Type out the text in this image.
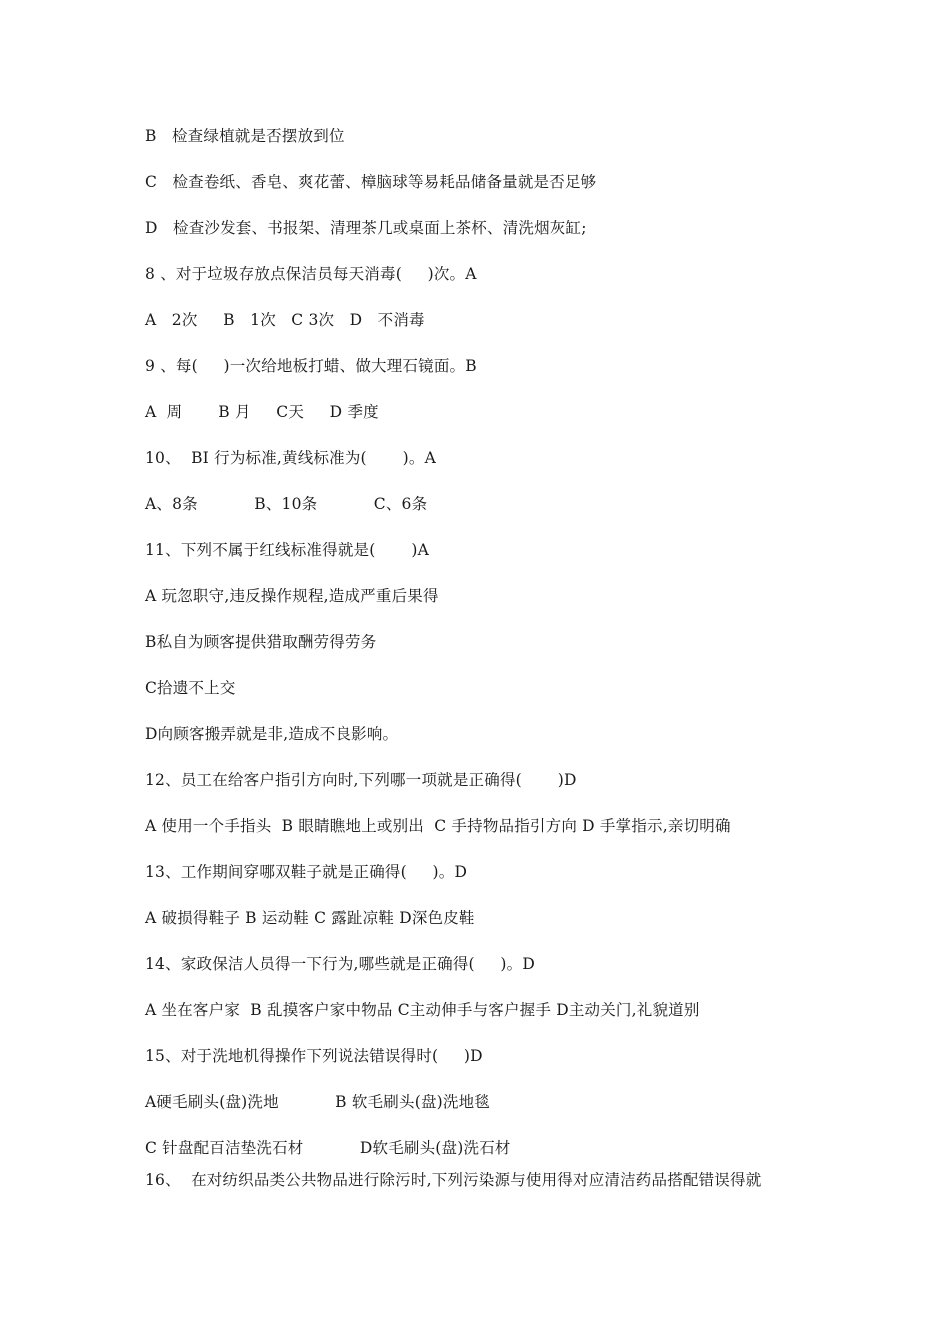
B   检查绿植就是否摆放到位

C   检查卷纸、香皂、爽花蕾、樟脑球等易耗品储备量就是否足够

D   检查沙发套、书报架、清理茶几或桌面上茶杯、清洗烟灰缸;

8 、对于垃圾存放点保洁员每天消毒(     )次。A

A   2次     B   1次   C 3次   D   不消毒

9 、每(     )一次给地板打蜡、做大理石镜面。B

A  周       B 月     C天     D 季度

10、  BI 行为标准,黄线标准为(       )。A

A、8条           B、10条           C、6条

11、下列不属于红线标准得就是(       )A

A 玩忽职守,违反操作规程,造成严重后果得

B私自为顾客提供猎取酬劳得劳务

C拾遗不上交

D向顾客搬弄就是非,造成不良影响。

12、员工在给客户指引方向时,下列哪一项就是正确得(       )D

A 使用一个手指头  B 眼睛瞧地上或别出  C 手持物品指引方向 D 手掌指示,亲切明确

13、工作期间穿哪双鞋子就是正确得(     )。D

A 破损得鞋子 B 运动鞋 C 露趾凉鞋 D深色皮鞋

14、家政保洁人员得一下行为,哪些就是正确得(     )。D

A 坐在客户家  B 乱摸客户家中物品 C主动伸手与客户握手 D主动关门,礼貌道别

15、对于洗地机得操作下列说法错误得时(     )D

A硬毛刷头(盘)洗地           B 软毛刷头(盘)洗地毯

C 针盘配百洁垫洗石材           D软毛刷头(盘)洗石材

16、  在对纺织品类公共物品进行除污时,下列污染源与使用得对应清洁药品搭配错误得就
